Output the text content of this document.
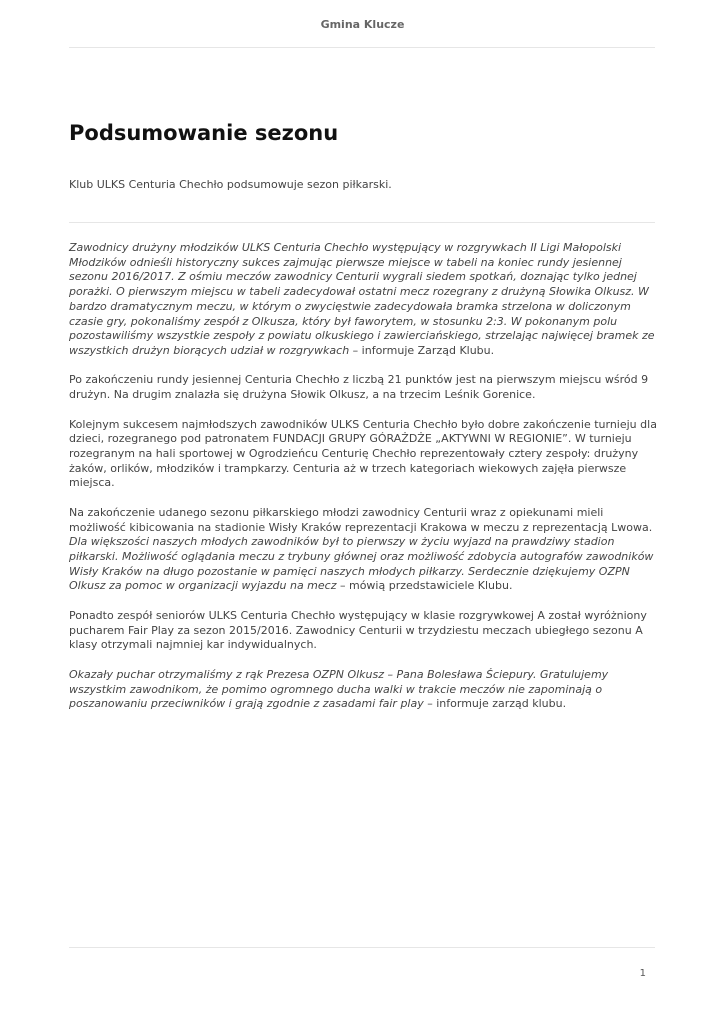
Gmina Klucze
Podsumowanie sezonu

Klub ULKS Centuria Chechło podsumowuje sezon piłkarski.

Zawodnicy drużyny młodzików ULKS Centuria Chechło występujący w rozgrywkach II Ligi Małopolski Młodzików odnieśli historyczny sukces zajmując pierwsze miejsce w tabeli na koniec rundy jesiennej sezonu 2016/2017. Z ośmiu meczów zawodnicy Centurii wygrali siedem spotkań, doznając tylko jednej porażki. O pierwszym miejscu w tabeli zadecydował ostatni mecz rozegrany z drużyną Słowika Olkusz. W bardzo dramatycznym meczu, w którym o zwycięstwie zadecydowała bramka strzelona w doliczonym czasie gry, pokonaliśmy zespół z Olkusza, który był faworytem, w stosunku 2:3. W pokonanym polu pozostawiliśmy wszystkie zespoły z powiatu olkuskiego i zawierciańskiego, strzelając najwięcej bramek ze wszystkich drużyn biorących udział w rozgrywkach – informuje Zarząd Klubu.

Po zakończeniu rundy jesiennej Centuria Chechło z liczbą 21 punktów jest na pierwszym miejscu wśród 9 drużyn. Na drugim znalazła się drużyna Słowik Olkusz, a na trzecim Leśnik Gorenice.

Kolejnym sukcesem najmłodszych zawodników ULKS Centuria Chechło było dobre zakończenie turnieju dla dzieci, rozegranego pod patronatem FUNDACJI GRUPY GÓRAŻDŻE „AKTYWNI W REGIONIE”. W turnieju rozegranym na hali sportowej w Ogrodzieńcu Centurię Chechło reprezentowały cztery zespoły: drużyny żaków, orlików, młodzików i trampkarzy. Centuria aż w trzech kategoriach wiekowych zajęła pierwsze miejsca.

Na zakończenie udanego sezonu piłkarskiego młodzi zawodnicy Centurii wraz z opiekunami mieli możliwość kibicowania na stadionie Wisły Kraków reprezentacji Krakowa w meczu z reprezentacją Lwowa.
Dla większości naszych młodych zawodników był to pierwszy w życiu wyjazd na prawdziwy stadion piłkarski. Możliwość oglądania meczu z trybuny głównej oraz możliwość zdobycia autografów zawodników Wisły Kraków na długo pozostanie w pamięci naszych młodych piłkarzy. Serdecznie dziękujemy OZPN Olkusz za pomoc w organizacji wyjazdu na mecz – mówią przedstawiciele Klubu.

Ponadto zespół seniorów ULKS Centuria Chechło występujący w klasie rozgrywkowej A został wyróżniony pucharem Fair Play za sezon 2015/2016. Zawodnicy Centurii w trzydziestu meczach ubiegłego sezonu A klasy otrzymali najmniej kar indywidualnych.

Okazały puchar otrzymaliśmy z rąk Prezesa OZPN Olkusz – Pana Bolesława Ściepury. Gratulujemy wszystkim zawodnikom, że pomimo ogromnego ducha walki w trakcie meczów nie zapominają o poszanowaniu przeciwników i grają zgodnie z zasadami fair play – informuje zarząd klubu.

1
